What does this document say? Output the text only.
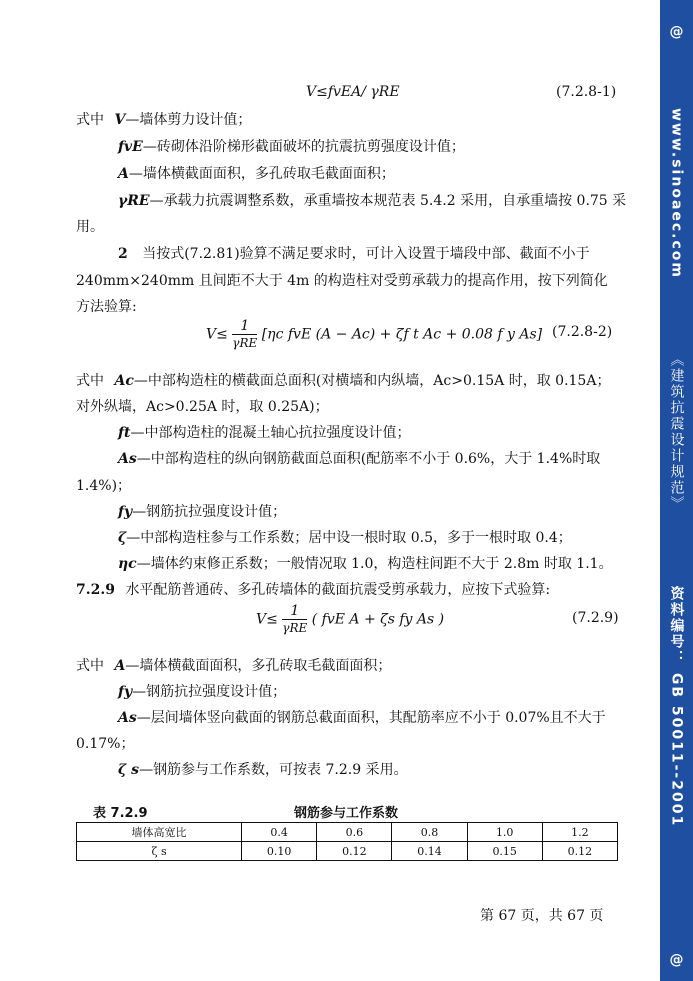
V≤fvEA/ γRE	(7.2.8-1)
式中 V—墙体剪力设计值；
fvE—砖砌体沿阶梯形截面破坏的抗震抗剪强度设计值；
A—墙体横截面面积，多孔砖取毛截面面积；
γRE—承载力抗震调整系数，承重墙按本规范表 5.4.2 采用，自承重墙按 0.75 采
用。
2 当按式(7.2.81)验算不满足要求时，可计入设置于墙段中部、截面不小于
240mm×240mm 且间距不大于 4m 的构造柱对受剪承载力的提高作用，按下列简化
方法验算:
$V\le \frac{1}{\text{γRE}} [\eta c$ fvE (A − Ac) + ζf t Ac + 0.08 f y As] (7.2.8-2)
式中 Ac—中部构造柱的横截面总面积(对横墙和内纵墙，Ac>0.15A 时，取 0.15A；
对外纵墙，Ac>0.25A 时，取 0.25A)；
ft—中部构造柱的混凝土轴心抗拉强度设计值；
As—中部构造柱的纵向钢筋截面总面积(配筋率不小于 0.6%，大于 1.4%时取
1.4%)；
fy—钢筋抗拉强度设计值；
ζ—中部构造柱参与工作系数；居中设一根时取 0.5，多于一根时取 0.4；
ηc—墙体约束修正系数；一般情况取 1.0，构造柱间距不大于 2.8m 时取 1.1。
7.2.9 水平配筋普通砖、多孔砖墙体的截面抗震受剪承载力，应按下式验算:
$V\le \frac{1}{\text{γRE}}$ ( fvE A + ζs fy As )	(7.2.9)
式中 A—墙体横截面面积，多孔砖取毛截面面积；
fy—钢筋抗拉强度设计值；
As—层间墙体竖向截面的钢筋总截面面积，其配筋率应不小于 0.07%且不大于
0.17%；
ζ s—钢筋参与工作系数，可按表 7.2.9 采用。
表 7.2.9	钢筋参与工作系数
墙体高宽比	0.4	0.6	0.8	1.0	1.2
ζ s	0.10	0.12	0.14	0.15	0.12
第 67 页，共 67 页
@
www.sinoaec.com
《建筑抗震设计规范》
资料编号： GB 50011--2001
@
